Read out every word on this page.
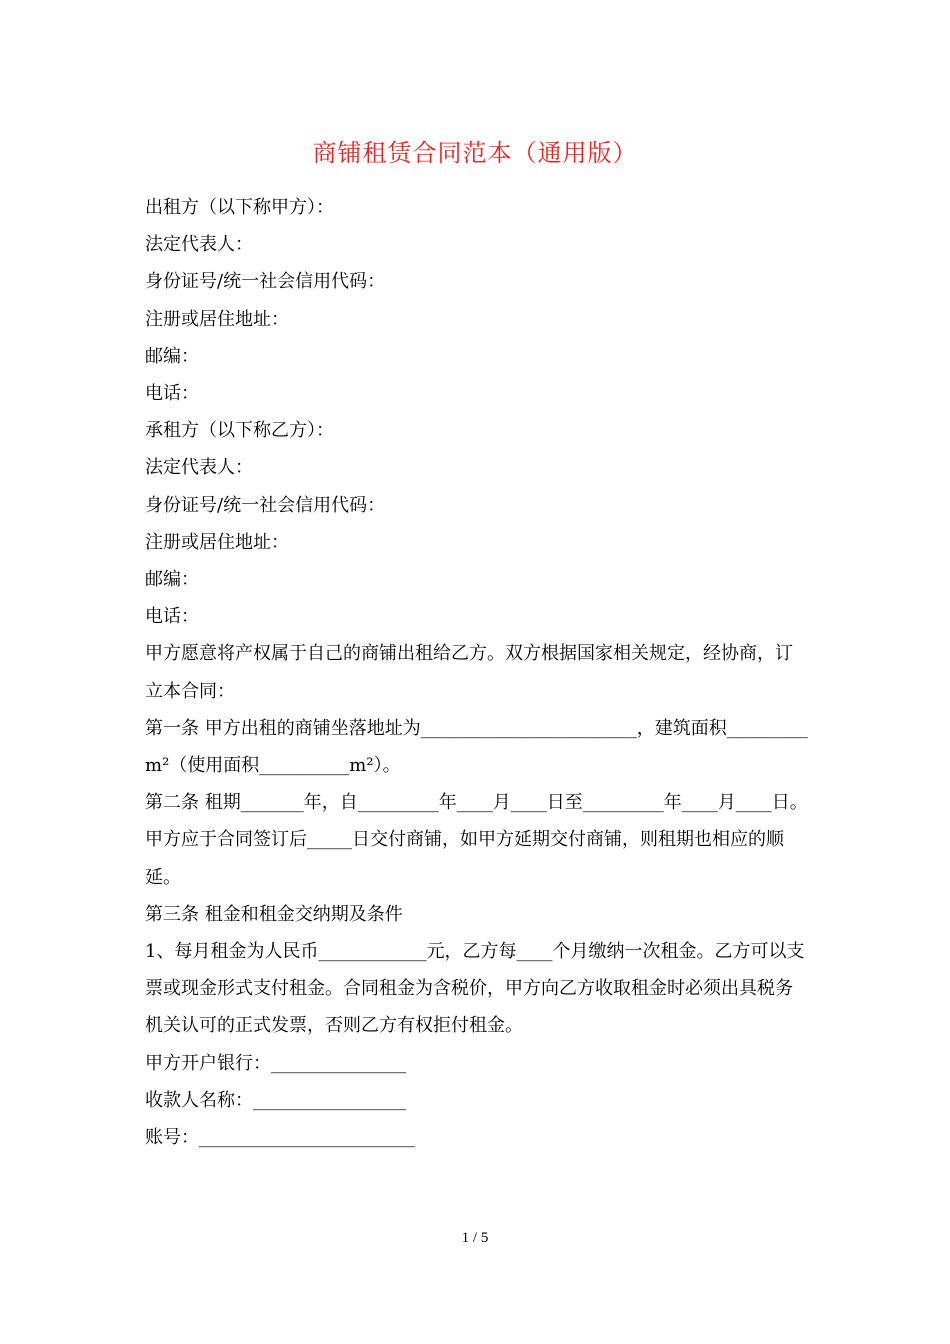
商铺租赁合同范本（通用版）

出租方（以下称甲方）：

法定代表人：

身份证号/统一社会信用代码：

注册或居住地址：

邮编：

电话：

承租方（以下称乙方）：

法定代表人：

身份证号/统一社会信用代码：

注册或居住地址：

邮编：

电话：

甲方愿意将产权属于自己的商铺出租给乙方。双方根据国家相关规定，经协商，订立本合同：

第一条 甲方出租的商铺坐落地址为________________________，建筑面积_________m²（使用面积__________m²）。

第二条 租期_______年，自_________年____月____日至_________年____月____日。甲方应于合同签订后_____日交付商铺，如甲方延期交付商铺，则租期也相应的顺延。

第三条 租金和租金交纳期及条件

1、每月租金为人民币____________元，乙方每____个月缴纳一次租金。乙方可以支票或现金形式支付租金。合同租金为含税价，甲方向乙方收取租金时必须出具税务机关认可的正式发票，否则乙方有权拒付租金。

甲方开户银行：_______________

收款人名称：_________________

账号：________________________

1 / 5
